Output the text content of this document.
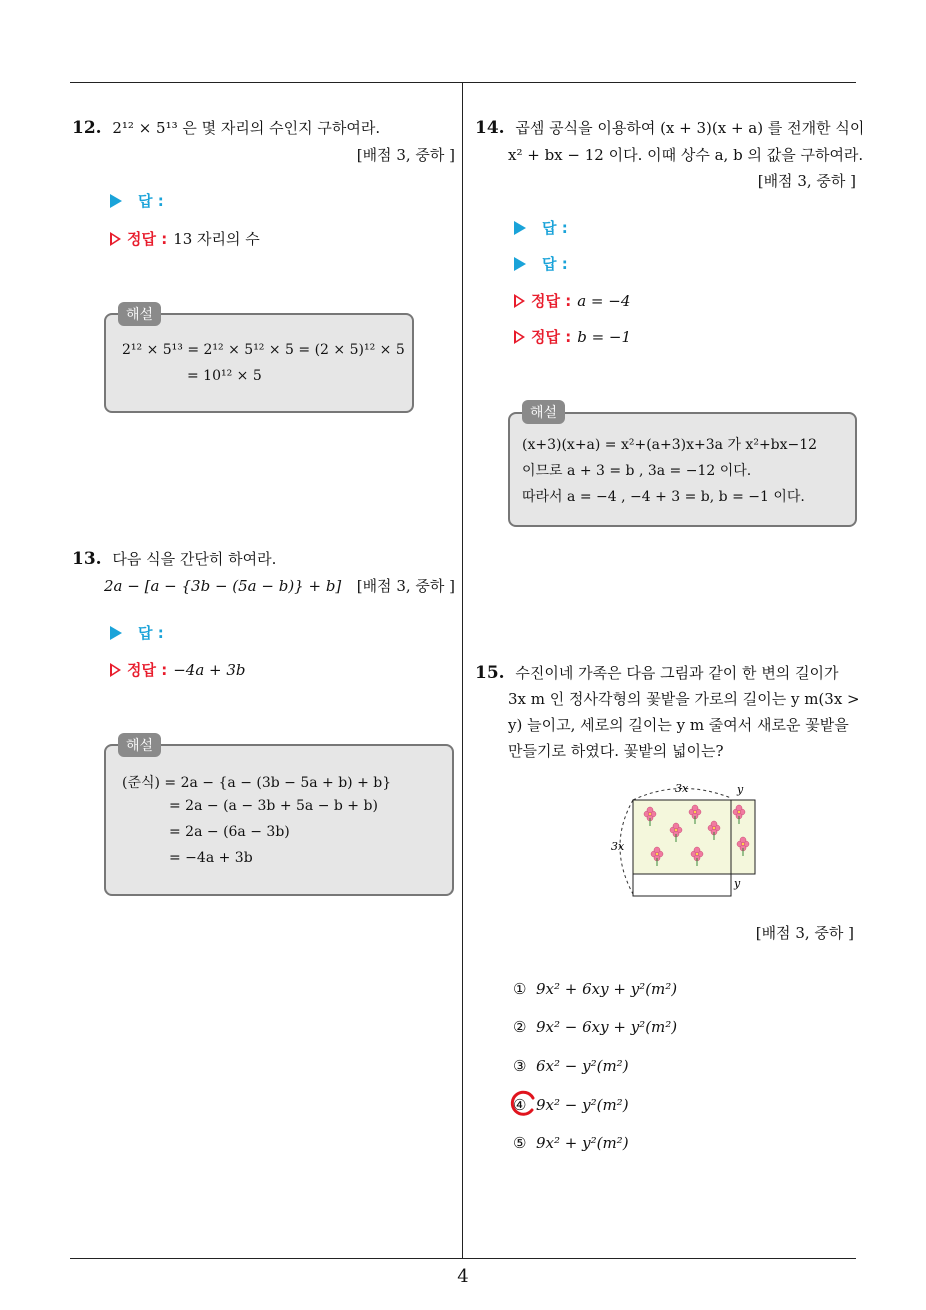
12. 2¹² × 5¹³ 은 몇 자리의 수인지 구하여라.
[배점 3, 중하 ]
답 :
정답 : 13 자리의 수
해설
2¹² × 5¹³ = 2¹² × 5¹² × 5 = (2 × 5)¹² × 5
= 10¹² × 5
13. 다음 식을 간단히 하여라.
2a − [a − {3b − (5a − b)} + b]	[배점 3, 중하 ]
답 :
정답 : −4a + 3b
해설
(준식) = 2a − {a − (3b − 5a + b) + b}
= 2a − (a − 3b + 5a − b + b)
= 2a − (6a − 3b)
= −4a + 3b
14. 곱셈 공식을 이용하여 (x + 3)(x + a) 를 전개한 식이
x² + bx − 12 이다. 이때 상수 a, b 의 값을 구하여라.
[배점 3, 중하 ]
답 :
답 :
정답 : a = −4
정답 : b = −1
해설
(x+3)(x+a) = x²+(a+3)x+3a 가 x²+bx−12
이므로 a + 3 = b , 3a = −12 이다.
따라서 a = −4 , −4 + 3 = b, b = −1 이다.
15. 수진이네 가족은 다음 그림과 같이 한 변의 길이가
3x m 인 정사각형의 꽃밭을 가로의 길이는 y m(3x >
y) 늘이고, 세로의 길이는 y m 줄여서 새로운 꽃밭을
만들기로 하였다. 꽃밭의 넓이는?
3x	y
3x
y
[배점 3, 중하 ]
① 9x² + 6xy + y²(m²)
② 9x² − 6xy + y²(m²)
③ 6x² − y²(m²)
④ 9x² − y²(m²)
⑤ 9x² + y²(m²)
4
